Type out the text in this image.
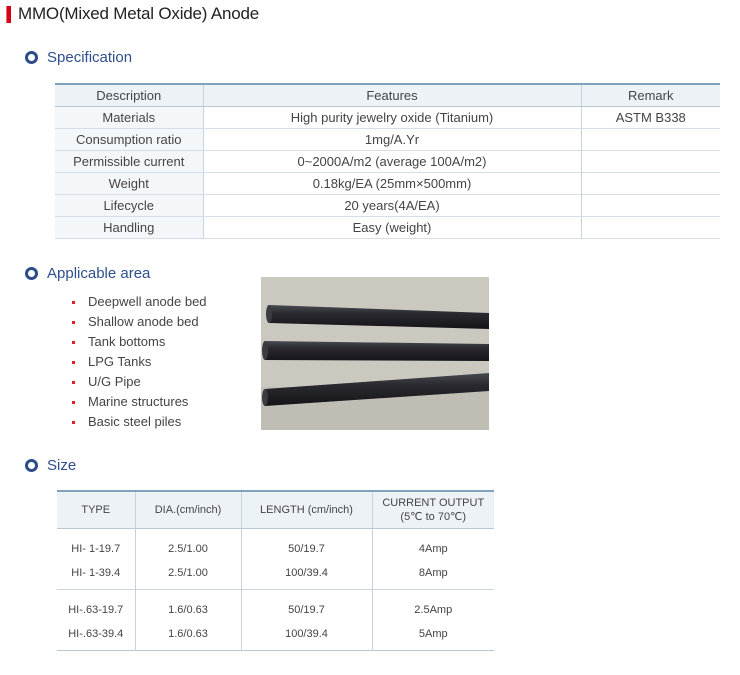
MMO(Mixed Metal Oxide) Anode
Specification
Description	Features	Remark
Materials	High purity jewelry oxide (Titanium)	ASTM B338
Consumption ratio	1mg/A.Yr	
Permissible current	0~2000A/m2 (average 100A/m2)	
Weight	0.18kg/EA (25mm×500mm)	
Lifecycle	20 years(4A/EA)	
Handling	Easy (weight)	
Applicable area
Deepwell anode bed
Shallow anode bed
Tank bottoms
LPG Tanks
U/G Pipe
Marine structures
Basic steel piles
Size
TYPE	DIA.(cm/inch)	LENGTH (cm/inch)	CURRENT OUTPUT
(5℃ to 70℃)

HI- 1-19.7	2.5/1.00	50/19.7	4Amp
HI- 1-39.4	2.5/1.00	100/39.4	8Amp
HI-.63-19.7	1.6/0.63	50/19.7	2.5Amp
HI-.63-39.4	1.6/0.63	100/39.4	5Amp
